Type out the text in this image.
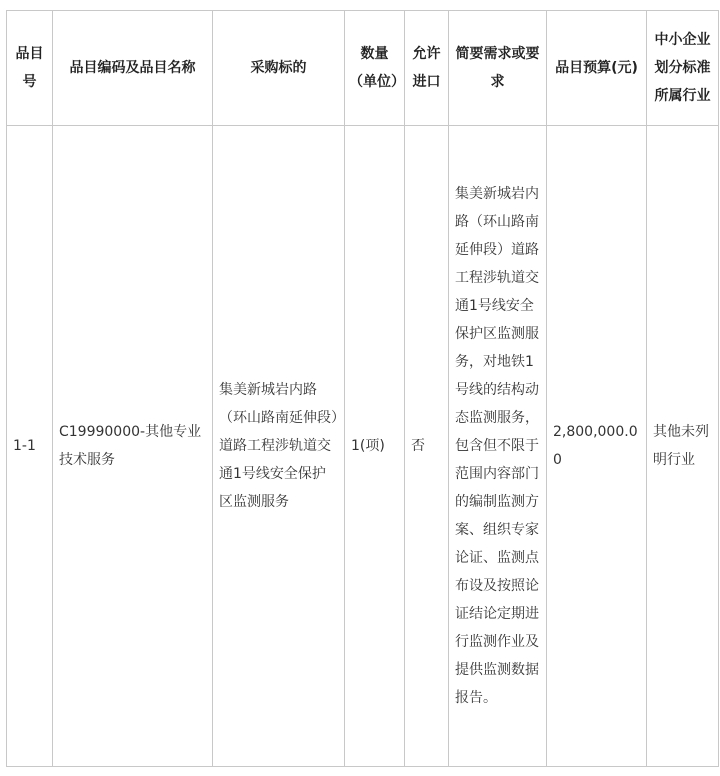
品目号	品目编码及品目名称	采购标的	数量（单位）	允许进口	简要需求或要求	品目预算(元)	中小企业划分标准所属行业
1-1	C19990000-其他专业技术服务	集美新城岩内路（环山路南延伸段）道路工程涉轨道交通1号线安全保护区监测服务	1(项)	否	集美新城岩内路（环山路南延伸段）道路工程涉轨道交通1号线安全保护区监测服务，对地铁1号线的结构动态监测服务，包含但不限于范围内容部门的编制监测方案、组织专家论证、监测点布设及按照论证结论定期进行监测作业及提供监测数据报告。	2,800,000.00	其他未列明行业
